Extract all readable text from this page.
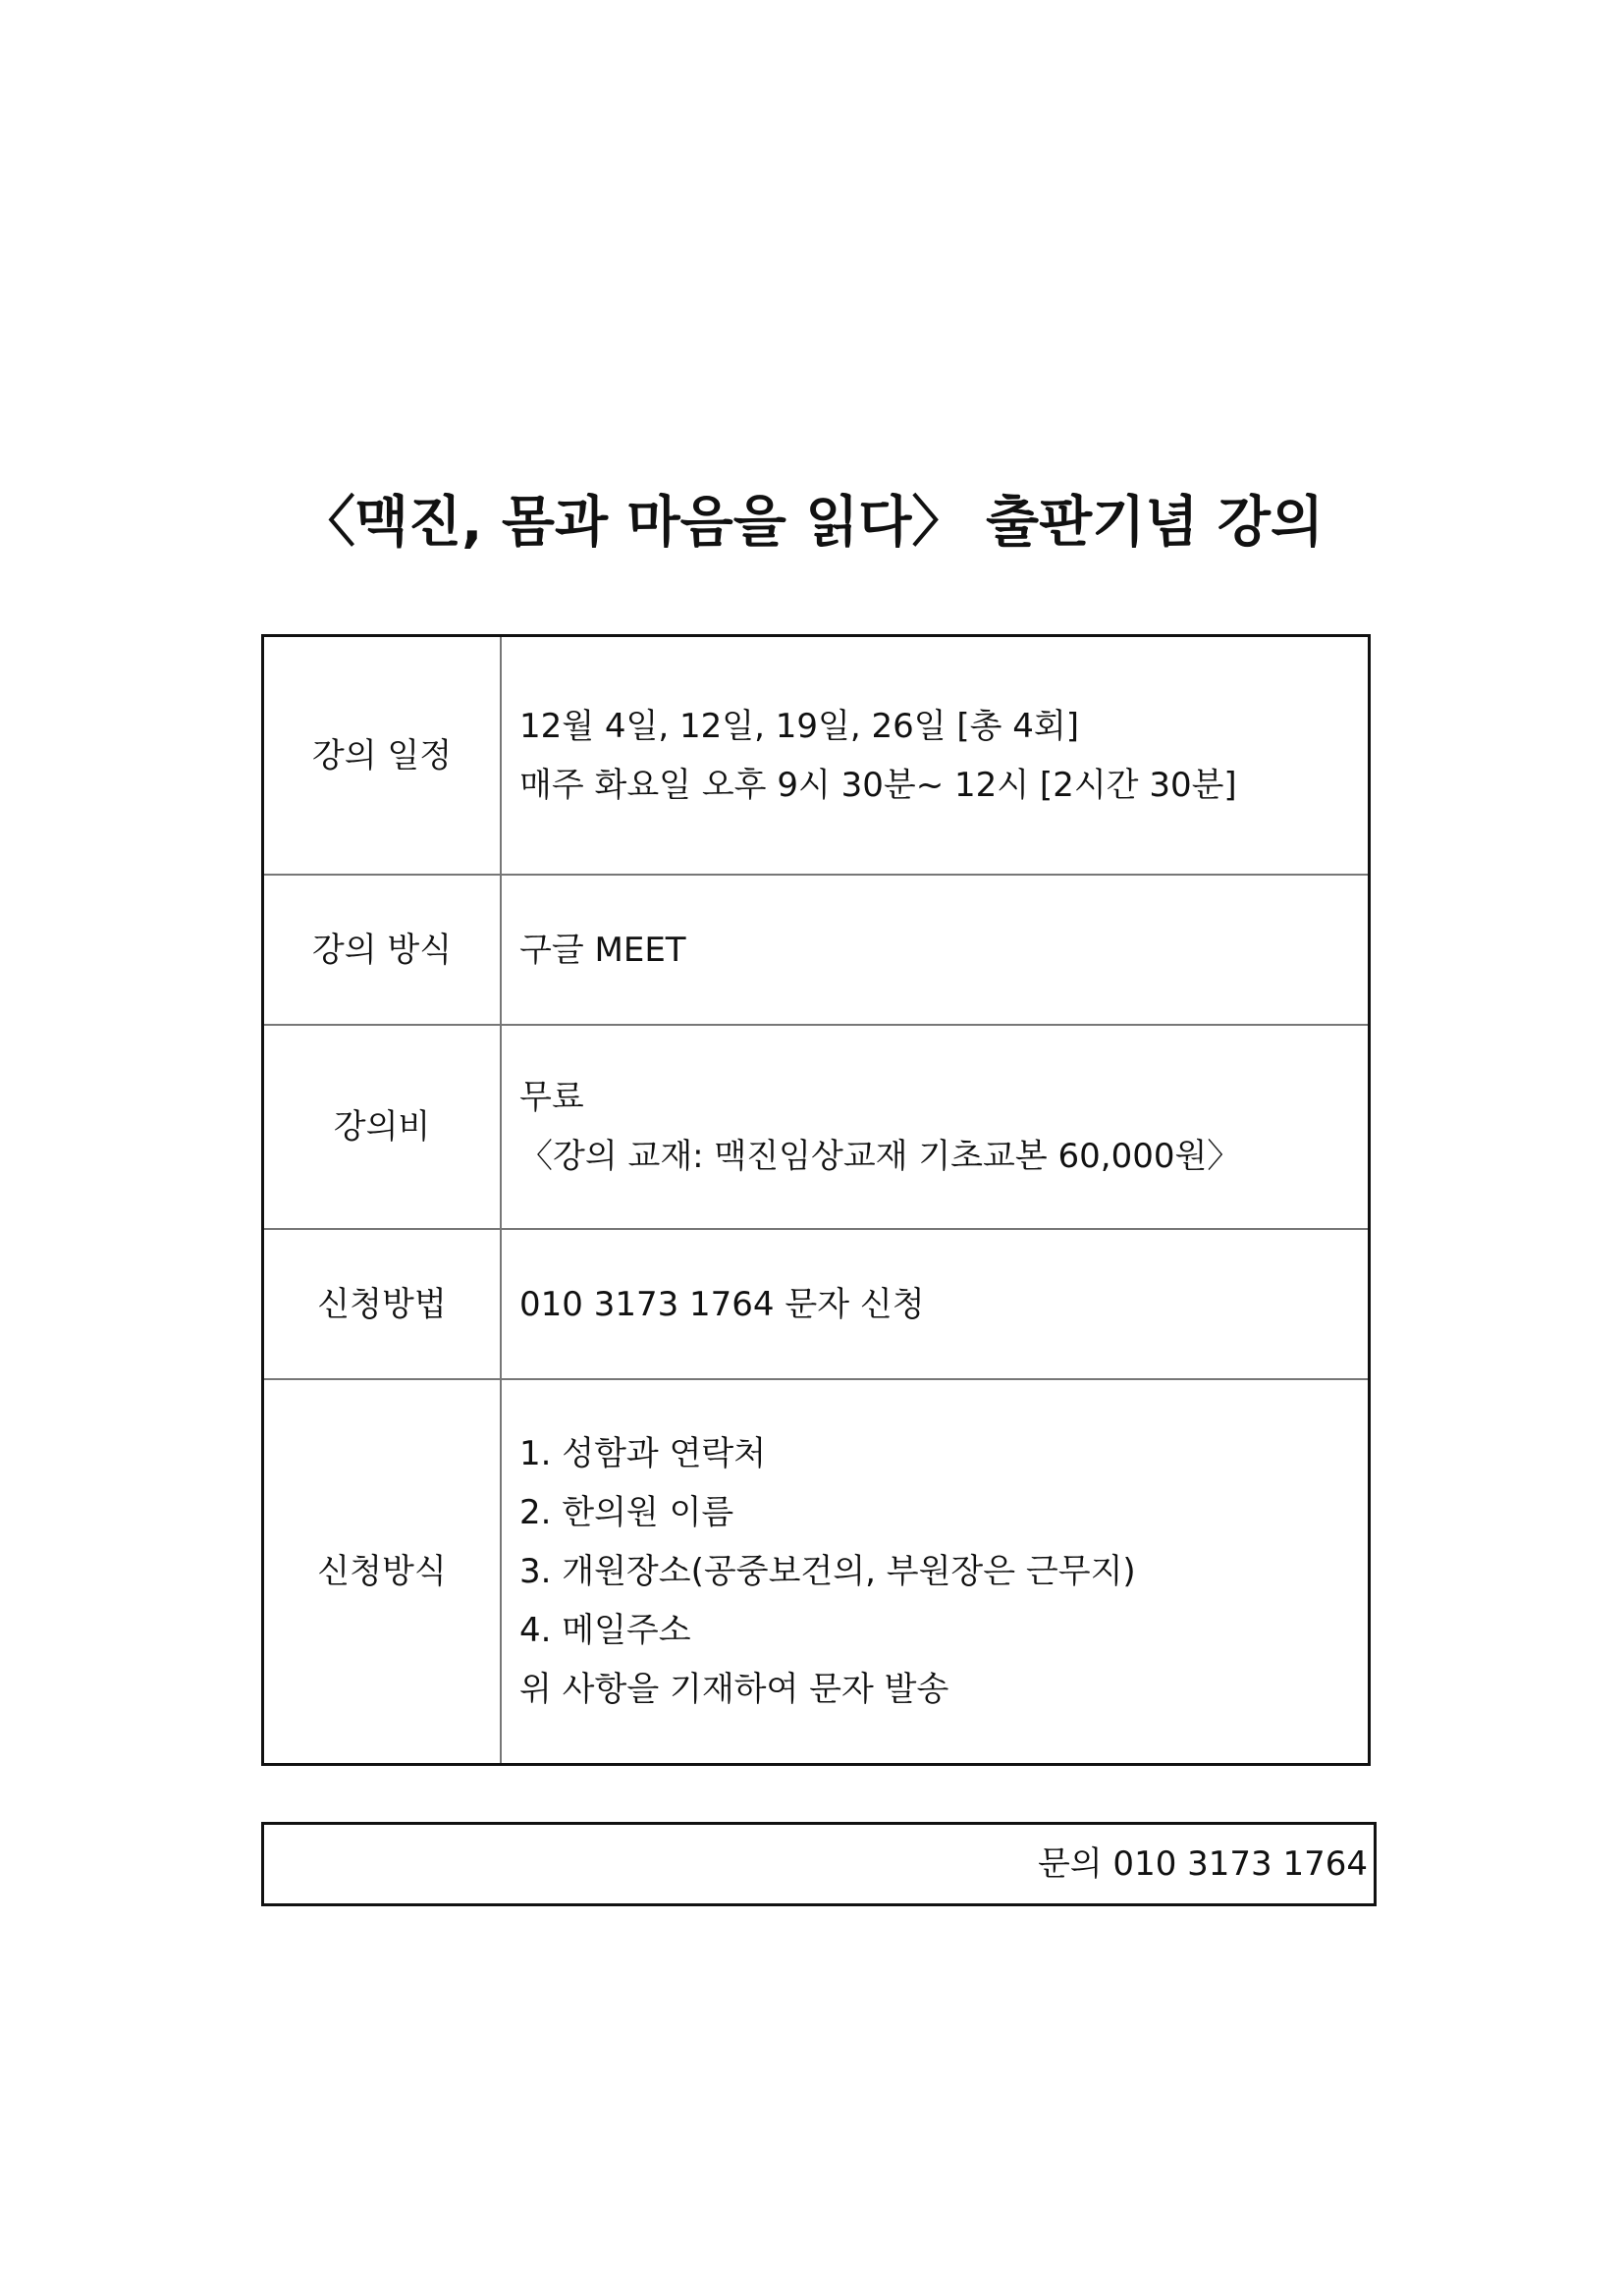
〈맥진, 몸과 마음을 읽다〉 출판기념 강의
강의 일정	12월 4일, 12일, 19일, 26일 [총 4회]
매주 화요일 오후 9시 30분~ 12시 [2시간 30분]

강의 방식	구글 MEET

강의비	무료
〈강의 교재: 맥진임상교재 기초교본 60,000원〉

신청방법	010 3173 1764 문자 신청

신청방식	1. 성함과 연락처
2. 한의원 이름
3. 개원장소(공중보건의, 부원장은 근무지)
4. 메일주소
위 사항을 기재하여 문자 발송
문의 010 3173 1764
